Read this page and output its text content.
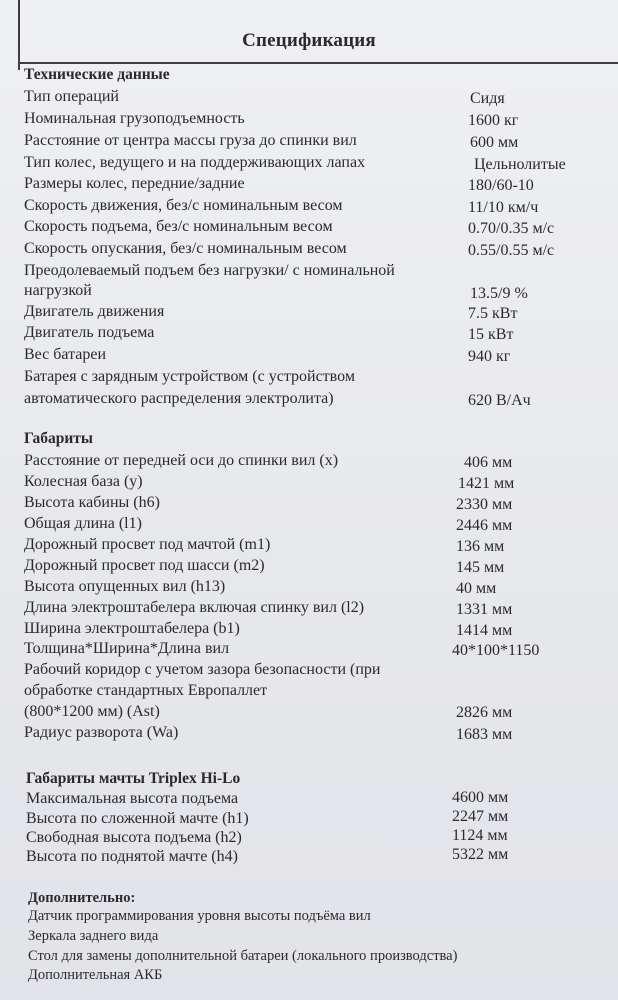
Спецификация
Технические данные
Тип операций	Сидя
Номинальная грузоподъемность	1600 кг
Расстояние от центра массы груза до спинки вил	600 мм
Тип колес, ведущего и на поддерживающих лапах	Цельнолитые
Размеры колес, передние/задние	180/60-10
Скорость движения, без/с номинальным весом	11/10 км/ч
Скорость подъема, без/с номинальным весом	0.70/0.35 м/с
Скорость опускания, без/с номинальным весом	0.55/0.55 м/с
Преодолеваемый подъем без нагрузки/ с номинальной
нагрузкой	13.5/9 %
Двигатель движения	7.5 кВт
Двигатель подъема	15 кВт
Вес батареи	940 кг
Батарея с зарядным устройством (с устройством
автоматического распределения электролита)	620 В/Ач
Габариты
Расстояние от передней оси до спинки вил (x)	406 мм
Колесная база (y)	1421 мм
Высота кабины (h6)	2330 мм
Общая длина (l1)	2446 мм
Дорожный просвет под мачтой (m1)	136 мм
Дорожный просвет под шасси (m2)	145 мм
Высота опущенных вил (h13)	40 мм
Длина электроштабелера включая спинку вил (l2)	1331 мм
Ширина электроштабелера (b1)	1414 мм
Толщина*Ширина*Длина вил	40*100*1150
Рабочий коридор с учетом зазора безопасности (при
обработке стандартных Европаллет
(800*1200 мм) (Ast)	2826 мм
Радиус разворота (Wa)	1683 мм
Габариты мачты Triplex Hi-Lo
Максимальная высота подъема	4600 мм
Высота по сложенной мачте (h1)	2247 мм
Свободная высота подъема (h2)	1124 мм
Высота по поднятой мачте (h4)	5322 мм
Дополнительно:
Датчик программирования уровня высоты подъёма вил
Зеркала заднего вида
Стол для замены дополнительной батареи (локального производства)
Дополнительная АКБ
